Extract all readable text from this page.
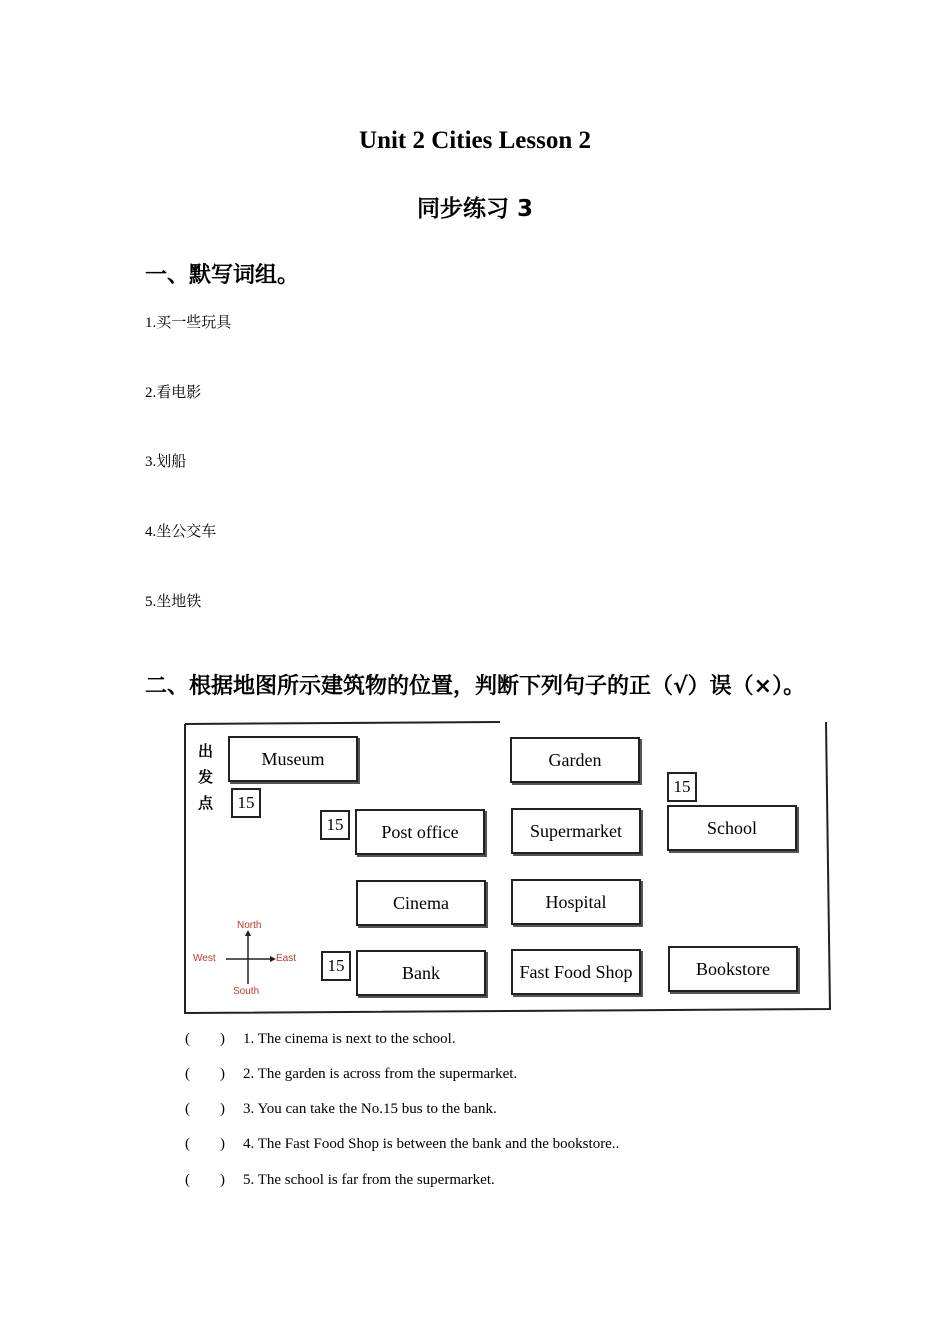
Unit 2 Cities Lesson 2
同步练习 3
一、默写词组。
1.买一些玩具
2.看电影
3.划船
4.坐公交车
5.坐地铁
二、根据地图所示建筑物的位置，判断下列句子的正（√）误（×）。
出
发
点
Museum	Garden
Post office	Supermarket	School
Cinema	Hospital
Bank	Fast Food Shop	Bookstore
15
15
15
15
North
South
East
West
(        ) 1. The cinema is next to the school.
(        ) 2. The garden is across from the supermarket.
(        ) 3. You can take the No.15 bus to the bank.
(        ) 4. The Fast Food Shop is between the bank and the bookstore..
(        ) 5. The school is far from the supermarket.
